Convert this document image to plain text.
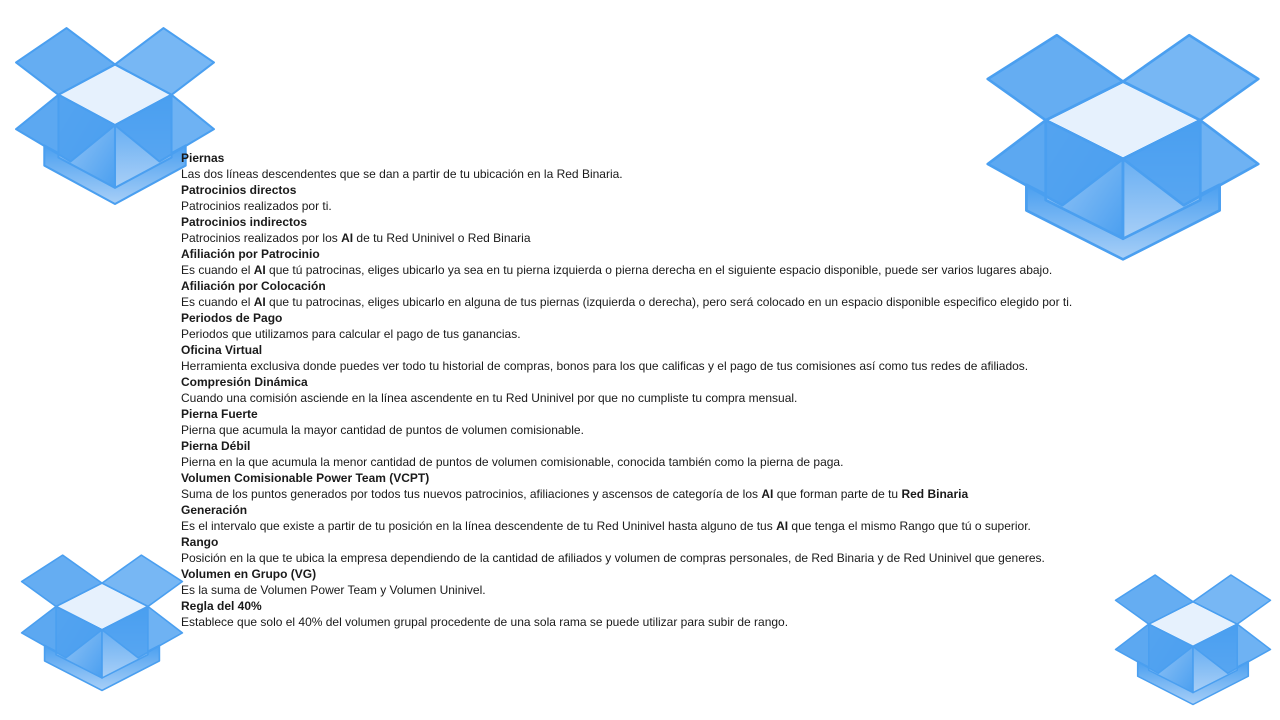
Piernas
Las dos líneas descendentes que se dan a partir de tu ubicación en la Red Binaria.
Patrocinios directos
Patrocinios realizados por ti.
Patrocinios indirectos
Patrocinios realizados por los AI de tu Red Uninivel o Red Binaria
Afiliación por Patrocinio
Es cuando el AI que tú patrocinas, eliges ubicarlo ya sea en tu pierna izquierda o pierna derecha en el siguiente espacio disponible, puede ser varios lugares abajo.
Afiliación por Colocación
Es cuando el AI que tu patrocinas, eliges ubicarlo en alguna de tus piernas (izquierda o derecha), pero será colocado en un espacio disponible especifico elegido por ti.
Periodos de Pago
Periodos que utilizamos para calcular el pago de tus ganancias.
Oficina Virtual
Herramienta exclusiva donde puedes ver todo tu historial de compras, bonos para los que calificas y el pago de tus comisiones así como tus redes de afiliados.
Compresión Dinámica
Cuando una comisión asciende en la línea ascendente en tu Red Uninivel por que no cumpliste tu compra mensual.
Pierna Fuerte
Pierna que acumula la mayor cantidad de puntos de volumen comisionable.
Pierna Débil
Pierna en la que acumula la menor cantidad de puntos de volumen comisionable, conocida también como la pierna de paga.
Volumen Comisionable Power Team (VCPT)
Suma de los puntos generados por todos tus nuevos patrocinios, afiliaciones y ascensos de categoría de los AI que forman parte de tu Red Binaria
Generación
Es el intervalo que existe a partir de tu posición en la línea descendente de tu Red Uninivel hasta alguno de tus AI que tenga el mismo Rango que tú o superior.
Rango
Posición en la que te ubica la empresa dependiendo de la cantidad de afiliados y volumen de compras personales, de Red Binaria y de Red Uninivel que generes.
Volumen en Grupo (VG)
Es la suma de Volumen Power Team y Volumen Uninivel.
Regla del 40%
Establece que solo el 40% del volumen grupal procedente de una sola rama se puede utilizar para subir de rango.
